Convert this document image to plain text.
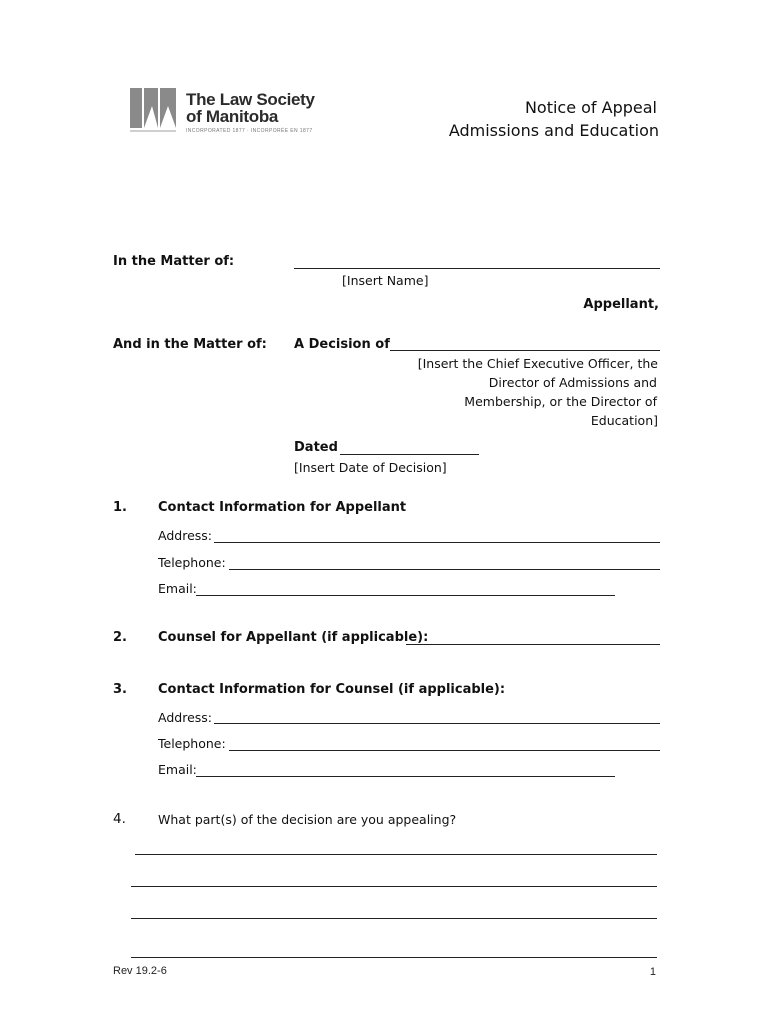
The Law Society
of Manitoba
INCORPORATED 1877 · INCORPORÉE EN 1877
Notice of Appeal
Admissions and Education
In the Matter of:
[Insert Name]
Appellant,
And in the Matter of: A Decision of
[Insert the Chief Executive Officer, the
Director of Admissions and
Membership, or the Director of
Education]
Dated
[Insert Date of Decision]
1. Contact Information for Appellant
Address:
Telephone:
Email:
2. Counsel for Appellant (if applicable):
3. Contact Information for Counsel (if applicable):
Address:
Telephone:
Email:
4.	What part(s) of the decision are you appealing?
Rev 19.2-6	1
